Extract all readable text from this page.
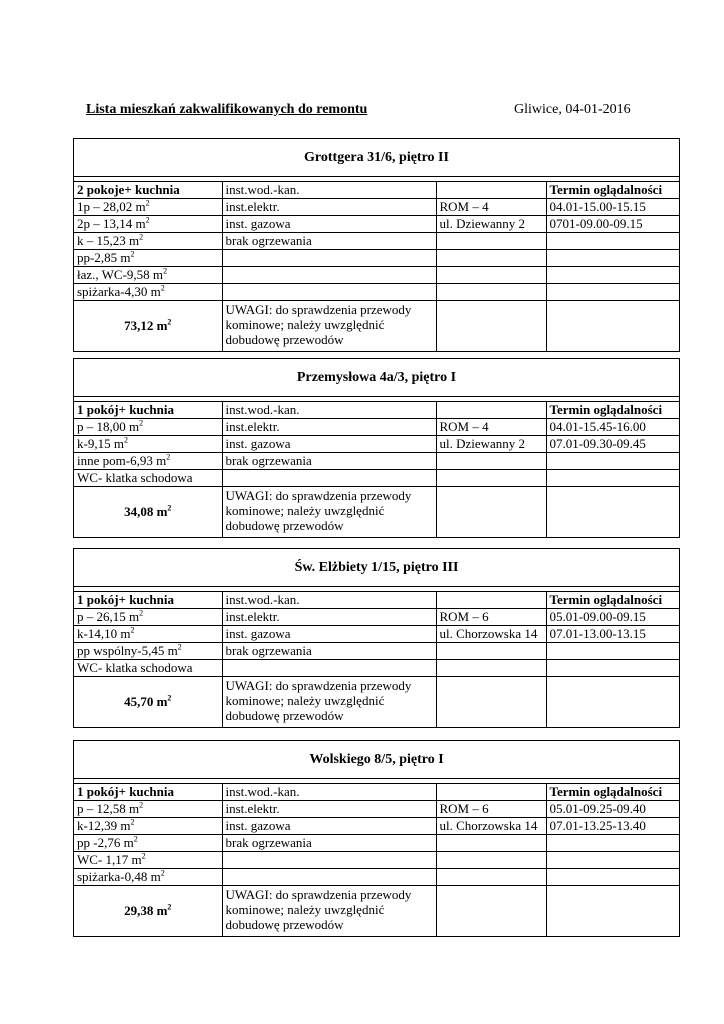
Lista mieszkań zakwalifikowanych do remontu	Gliwice, 04-01-2016
Grottgera 31/6, piętro II
2 pokoje+ kuchnia	inst.wod.-kan.		Termin oglądalności
1p – 28,02 $m^2$	inst.elektr.	ROM – 4	04.01-15.00-15.15
2p – 13,14 $m^2$	inst. gazowa	ul. Dziewanny 2	0701-09.00-09.15
k – 15,23 $m^2$	brak ogrzewania		
pp-2,85 $m^2$			
łaz., WC-9,58 $m^2$			
spiżarka-4,30 $m^2$			
73,12 $m^2$	UWAGI: do sprawdzenia przewody kominowe; należy uwzględnić dobudowę przewodów		
Przemysłowa 4a/3, piętro I
1 pokój+ kuchnia	inst.wod.-kan.		Termin oglądalności
p – 18,00 $m^2$	inst.elektr.	ROM – 4	04.01-15.45-16.00
k-9,15 $m^2$	inst. gazowa	ul. Dziewanny 2	07.01-09.30-09.45
inne pom-6,93 $m^2$	brak ogrzewania		
WC- klatka schodowa			
34,08 $m^2$	UWAGI: do sprawdzenia przewody kominowe; należy uwzględnić dobudowę przewodów		
Św. Elżbiety 1/15, piętro III
1 pokój+ kuchnia	inst.wod.-kan.		Termin oglądalności
p – 26,15 $m^2$	inst.elektr.	ROM – 6	05.01-09.00-09.15
k-14,10 $m^2$	inst. gazowa	ul. Chorzowska 14	07.01-13.00-13.15
pp wspólny-5,45 $m^2$	brak ogrzewania		
WC- klatka schodowa			
45,70 $m^2$	UWAGI: do sprawdzenia przewody kominowe; należy uwzględnić dobudowę przewodów		
Wolskiego 8/5, piętro I
1 pokój+ kuchnia	inst.wod.-kan.		Termin oglądalności
p – 12,58 $m^2$	inst.elektr.	ROM – 6	05.01-09.25-09.40
k-12,39 $m^2$	inst. gazowa	ul. Chorzowska 14	07.01-13.25-13.40
pp -2,76 $m^2$	brak ogrzewania		
WC- 1,17 $m^2$			
spiżarka-0,48 $m^2$			
29,38 $m^2$	UWAGI: do sprawdzenia przewody kominowe; należy uwzględnić dobudowę przewodów		
